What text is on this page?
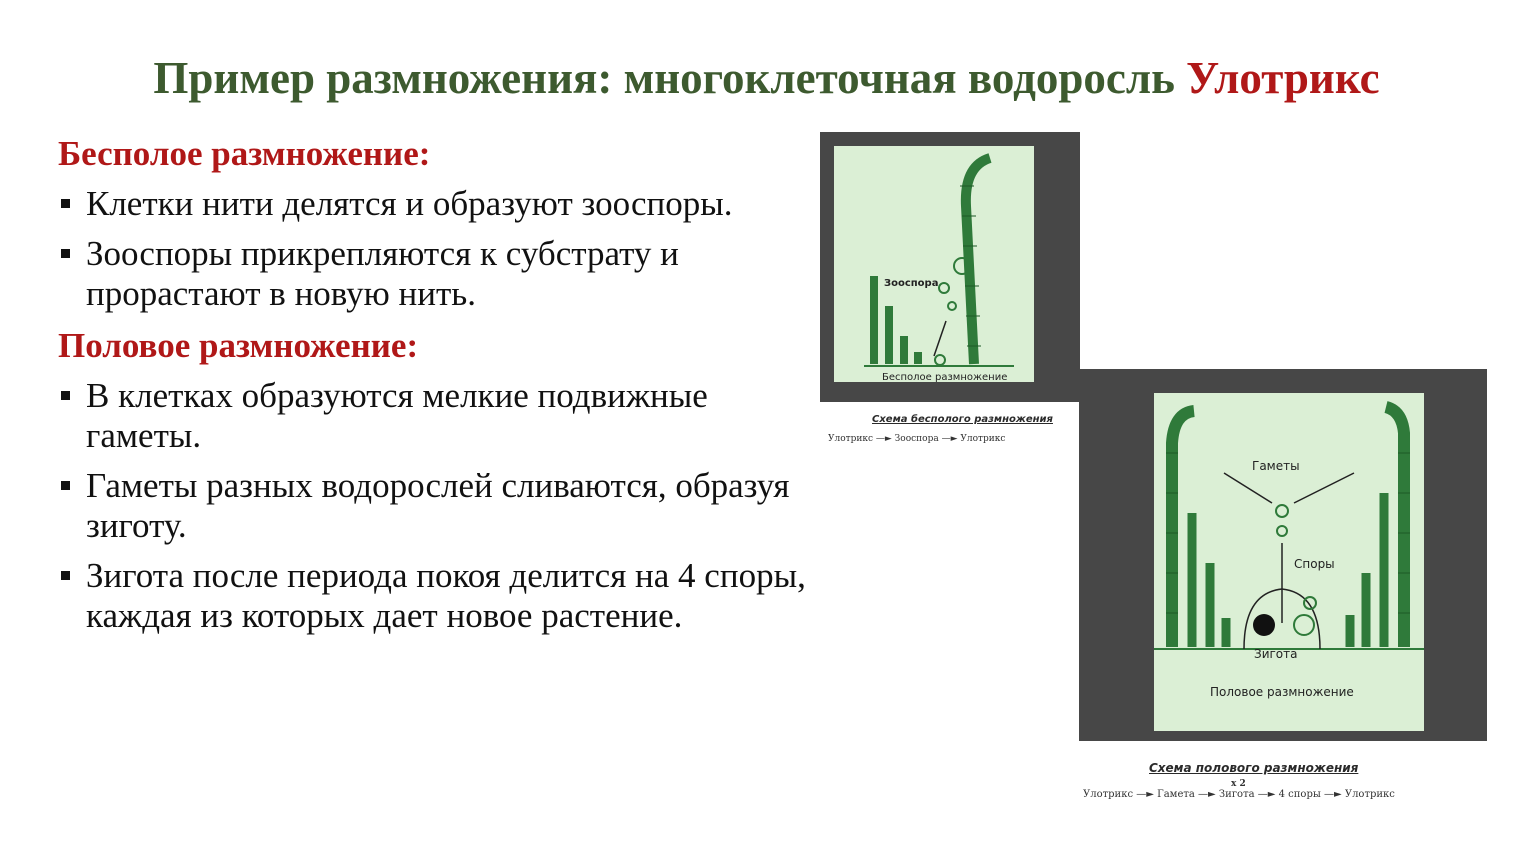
Пример размножения: многоклеточная водоросль Улотрикс
Бесполое размножение:
Клетки нити делятся и образуют зооспоры.
Зооспоры прикрепляются к субстрату и прорастают в новую нить.
Половое размножение:
В клетках образуются мелкие подвижные гаметы.
Гаметы разных водорослей сливаются, образуя зиготу.
Зигота после периода покоя делится на 4 споры, каждая из которых дает новое растение.
Зооспора
Бесполое размножение
Схема бесполого размножения
Улотрикс —► Зооспора —► Улотрикс
Гаметы
Споры
Зигота
Половое размножение
Схема полового размножения
x 2
Улотрикс —► Гамета —► Зигота —► 4 споры —► Улотрикс
